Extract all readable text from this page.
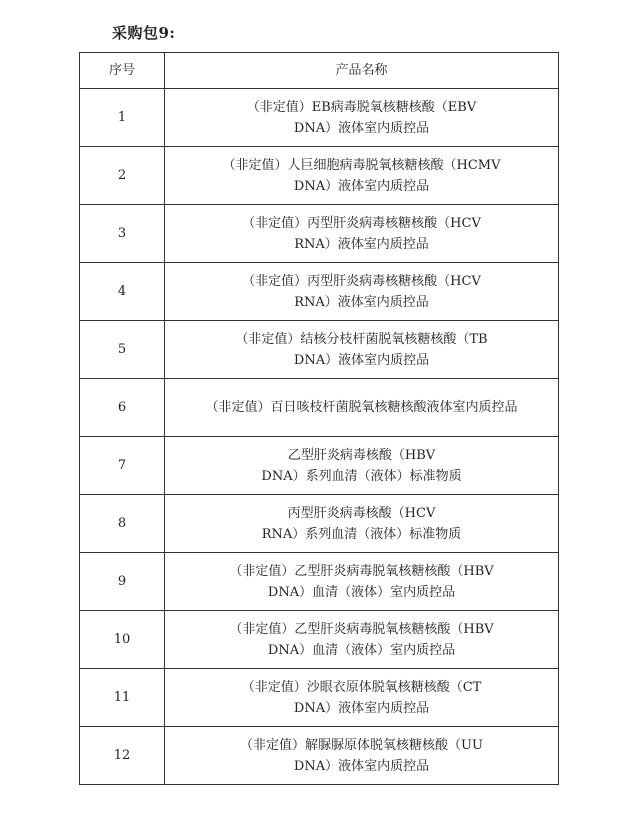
采购包9:
序号	产品名称
1	（非定值）EB病毒脱氧核糖核酸（EBV
DNA）液体室内质控品
2	（非定值）人巨细胞病毒脱氧核糖核酸（HCMV
DNA）液体室内质控品
3	（非定值）丙型肝炎病毒核糖核酸（HCV
RNA）液体室内质控品
4	（非定值）丙型肝炎病毒核糖核酸（HCV
RNA）液体室内质控品
5	（非定值）结核分枝杆菌脱氧核糖核酸（TB
DNA）液体室内质控品
6	（非定值）百日咳枝杆菌脱氧核糖核酸液体室内质控品
7	乙型肝炎病毒核酸（HBV
DNA）系列血清（液体）标准物质
8	丙型肝炎病毒核酸（HCV
RNA）系列血清（液体）标准物质
9	（非定值）乙型肝炎病毒脱氧核糖核酸（HBV
DNA）血清（液体）室内质控品
10	（非定值）乙型肝炎病毒脱氧核糖核酸（HBV
DNA）血清（液体）室内质控品
11	（非定值）沙眼衣原体脱氧核糖核酸（CT
DNA）液体室内质控品
12	（非定值）解脲脲原体脱氧核糖核酸（UU
DNA）液体室内质控品
